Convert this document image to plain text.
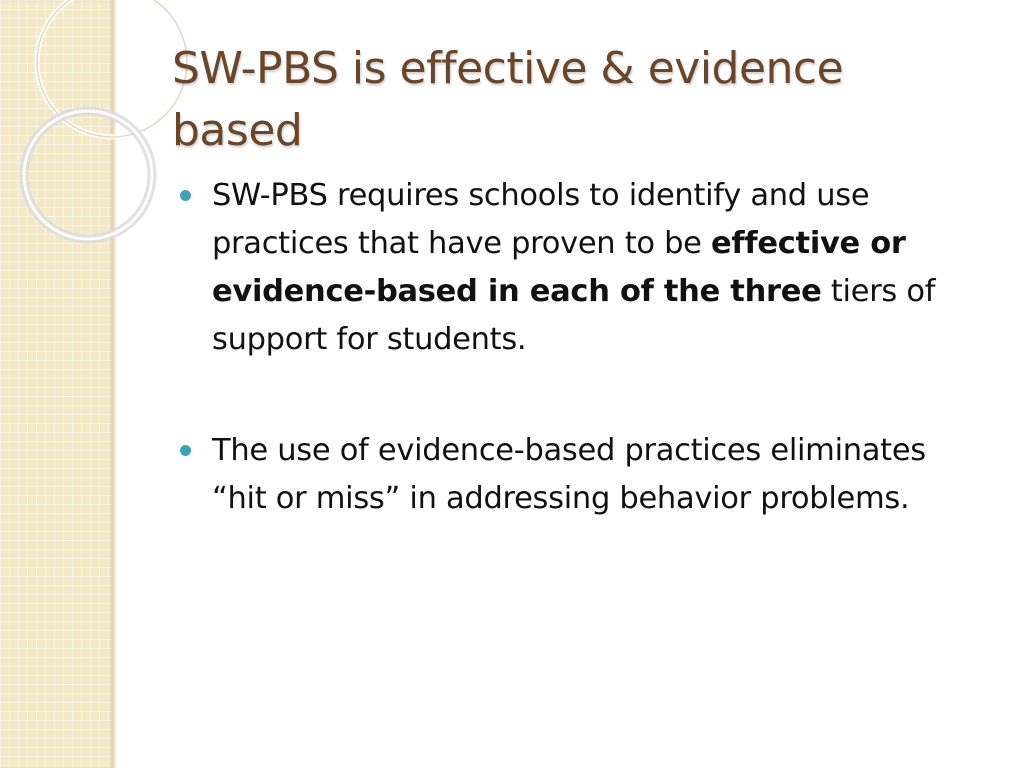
SW-PBS is effective & evidence based
SW-PBS requires schools to identify and use practices that have proven to be effective or evidence-based in each of the three tiers of support for students.
The use of evidence-based practices eliminates “hit or miss” in addressing behavior problems.
